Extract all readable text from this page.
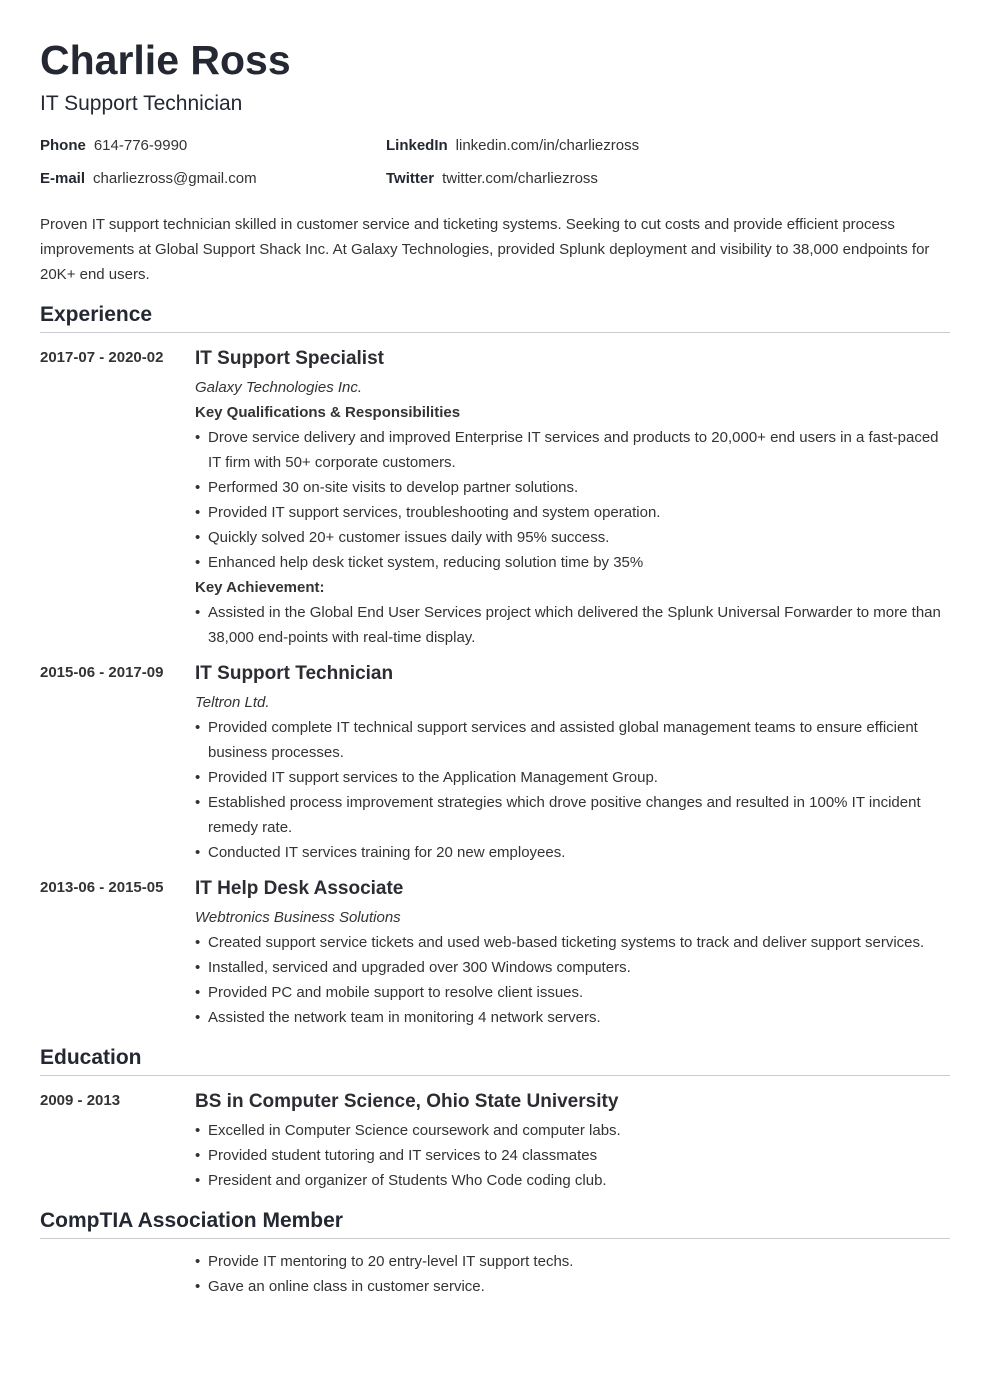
Charlie Ross
IT Support Technician
Phone 614-776-9990	LinkedIn linkedin.com/in/charliezross
E-mail charliezross@gmail.com	Twitter twitter.com/charliezross
Proven IT support technician skilled in customer service and ticketing systems. Seeking to cut costs and provide efficient process improvements at Global Support Shack Inc. At Galaxy Technologies, provided Splunk deployment and visibility to 38,000 endpoints for 20K+ end users.
Experience
2017-07 - 2020-02 IT Support Specialist
Galaxy Technologies Inc.
Key Qualifications & Responsibilities
• Drove service delivery and improved Enterprise IT services and products to 20,000+ end users in a fast-paced IT firm with 50+ corporate customers.
• Performed 30 on-site visits to develop partner solutions.
• Provided IT support services, troubleshooting and system operation.
• Quickly solved 20+ customer issues daily with 95% success.
• Enhanced help desk ticket system, reducing solution time by 35%
Key Achievement:
• Assisted in the Global End User Services project which delivered the Splunk Universal Forwarder to more than 38,000 end-points with real-time display.
2015-06 - 2017-09 IT Support Technician
Teltron Ltd.
• Provided complete IT technical support services and assisted global management teams to ensure efficient business processes.
• Provided IT support services to the Application Management Group.
• Established process improvement strategies which drove positive changes and resulted in 100% IT incident remedy rate.
• Conducted IT services training for 20 new employees.
2013-06 - 2015-05 IT Help Desk Associate
Webtronics Business Solutions
• Created support service tickets and used web-based ticketing systems to track and deliver support services.
• Installed, serviced and upgraded over 300 Windows computers.
• Provided PC and mobile support to resolve client issues.
• Assisted the network team in monitoring 4 network servers.
Education
2009 - 2013	BS in Computer Science, Ohio State University
• Excelled in Computer Science coursework and computer labs.
• Provided student tutoring and IT services to 24 classmates
• President and organizer of Students Who Code coding club.
CompTIA Association Member
• Provide IT mentoring to 20 entry-level IT support techs.
• Gave an online class in customer service.
